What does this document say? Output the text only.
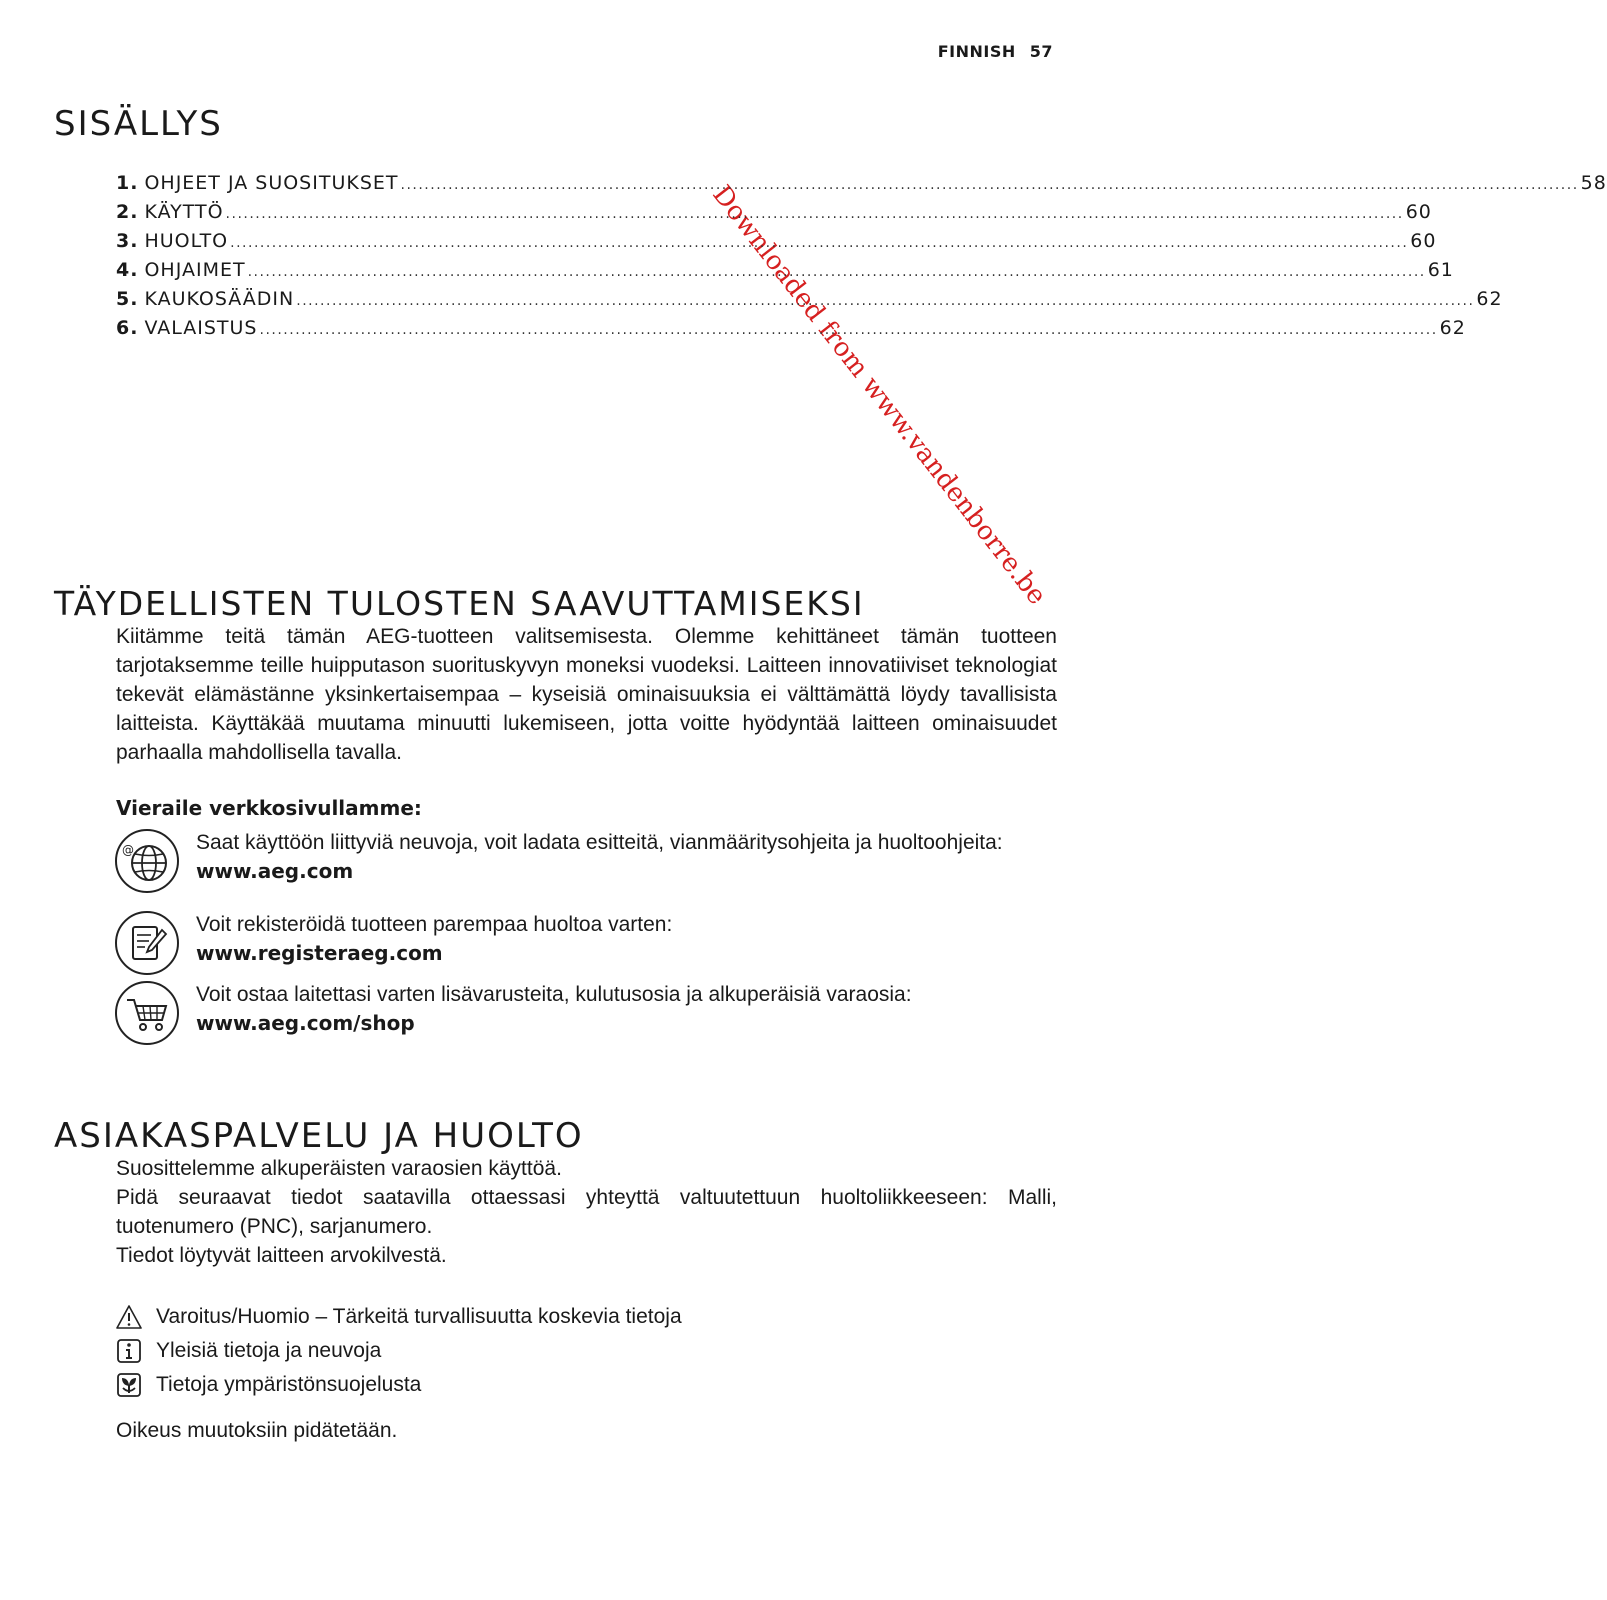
FINNISH 57
Downloaded from www.vandenborre.be
SISÄLLYS
1. OHJEET JA SUOSITUKSET ...................................................................................................................................................................................................... 58
2. KÄYTTÖ ...................................................................................................................................................................................................... 60
3. HUOLTO ...................................................................................................................................................................................................... 60
4. OHJAIMET ...................................................................................................................................................................................................... 61
5. KAUKOSÄÄDIN ...................................................................................................................................................................................................... 62
6. VALAISTUS ...................................................................................................................................................................................................... 62
TÄYDELLISTEN TULOSTEN SAAVUTTAMISEKSI
Kiitämme teitä tämän AEG-tuotteen valitsemisesta. Olemme kehittäneet tämän tuotteen tarjotaksemme teille huipputason suorituskyvyn moneksi vuodeksi. Laitteen innovatiiviset teknologiat tekevät elämästänne yksinkertaisempaa – kyseisiä ominaisuuksia ei välttämättä löydy tavallisista laitteista. Käyttäkää muutama minuutti lukemiseen, jotta voitte hyödyntää laitteen ominaisuudet parhaalla mahdollisella tavalla.
Vieraile verkkosivullamme:
@	Saat käyttöön liittyviä neuvoja, voit ladata esitteitä, vianmääritysohjeita ja huoltoohjeita:
www.aeg.com
Voit rekisteröidä tuotteen parempaa huoltoa varten:
www.registeraeg.com
Voit ostaa laitettasi varten lisävarusteita, kulutusosia ja alkuperäisiä varaosia:
www.aeg.com/shop
ASIAKASPALVELU JA HUOLTO
Suosittelemme alkuperäisten varaosien käyttöä.
Pidä seuraavat tiedot saatavilla ottaessasi yhteyttä valtuutettuun huoltoliikkeeseen: Malli, tuotenumero (PNC), sarjanumero.
Tiedot löytyvät laitteen arvokilvestä.
Varoitus/Huomio – Tärkeitä turvallisuutta koskevia tietoja
Yleisiä tietoja ja neuvoja
Tietoja ympäristönsuojelusta
Oikeus muutoksiin pidätetään.
